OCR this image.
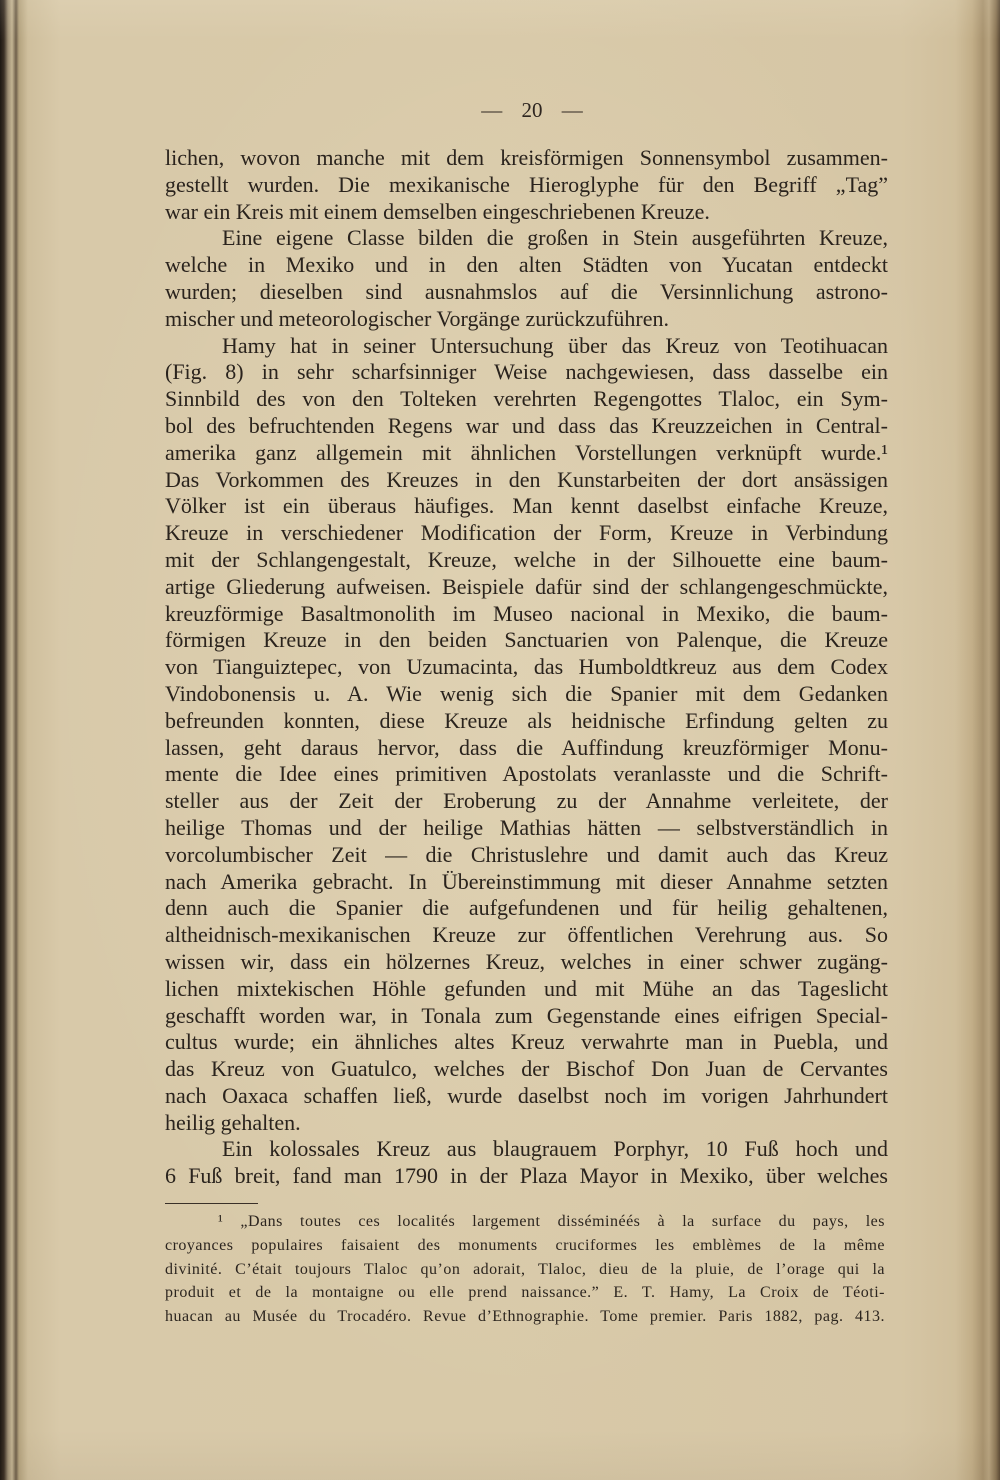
— 20 —
lichen, wovon manche mit dem kreisförmigen Sonnensymbol zusammen-
gestellt wurden. Die mexikanische Hieroglyphe für den Begriff „Tag”
war ein Kreis mit einem demselben eingeschriebenen Kreuze.
Eine eigene Classe bilden die großen in Stein ausgeführten Kreuze,
welche in Mexiko und in den alten Städten von Yucatan entdeckt
wurden; dieselben sind ausnahmslos auf die Versinnlichung astrono-
mischer und meteorologischer Vorgänge zurückzuführen.
Hamy hat in seiner Untersuchung über das Kreuz von Teotihuacan
(Fig. 8) in sehr scharfsinniger Weise nachgewiesen, dass dasselbe ein
Sinnbild des von den Tolteken verehrten Regengottes Tlaloc, ein Sym-
bol des befruchtenden Regens war und dass das Kreuzzeichen in Central-
amerika ganz allgemein mit ähnlichen Vorstellungen verknüpft wurde.¹
Das Vorkommen des Kreuzes in den Kunstarbeiten der dort ansässigen
Völker ist ein überaus häufiges. Man kennt daselbst einfache Kreuze,
Kreuze in verschiedener Modification der Form, Kreuze in Verbindung
mit der Schlangengestalt, Kreuze, welche in der Silhouette eine baum-
artige Gliederung aufweisen. Beispiele dafür sind der schlangengeschmückte,
kreuzförmige Basaltmonolith im Museo nacional in Mexiko, die baum-
förmigen Kreuze in den beiden Sanctuarien von Palenque, die Kreuze
von Tianguiztepec, von Uzumacinta, das Humboldtkreuz aus dem Codex
Vindobonensis u. A. Wie wenig sich die Spanier mit dem Gedanken
befreunden konnten, diese Kreuze als heidnische Erfindung gelten zu
lassen, geht daraus hervor, dass die Auffindung kreuzförmiger Monu-
mente die Idee eines primitiven Apostolats veranlasste und die Schrift-
steller aus der Zeit der Eroberung zu der Annahme verleitete, der
heilige Thomas und der heilige Mathias hätten — selbstverständlich in
vorcolumbischer Zeit — die Christuslehre und damit auch das Kreuz
nach Amerika gebracht. In Übereinstimmung mit dieser Annahme setzten
denn auch die Spanier die aufgefundenen und für heilig gehaltenen,
altheidnisch-mexikanischen Kreuze zur öffentlichen Verehrung aus. So
wissen wir, dass ein hölzernes Kreuz, welches in einer schwer zugäng-
lichen mixtekischen Höhle gefunden und mit Mühe an das Tageslicht
geschafft worden war, in Tonala zum Gegenstande eines eifrigen Special-
cultus wurde; ein ähnliches altes Kreuz verwahrte man in Puebla, und
das Kreuz von Guatulco, welches der Bischof Don Juan de Cervantes
nach Oaxaca schaffen ließ, wurde daselbst noch im vorigen Jahrhundert
heilig gehalten.
Ein kolossales Kreuz aus blaugrauem Porphyr, 10 Fuß hoch und
6 Fuß breit, fand man 1790 in der Plaza Mayor in Mexiko, über welches
¹ „Dans toutes ces localités largement disséminéés à la surface du pays, les
croyances populaires faisaient des monuments cruciformes les emblèmes de la même
divinité. C’était toujours Tlaloc qu’on adorait, Tlaloc, dieu de la pluie, de l’orage qui la
produit et de la montaigne ou elle prend naissance.” E. T. Hamy, La Croix de Téoti-
huacan au Musée du Trocadéro. Revue d’Ethnographie. Tome premier. Paris 1882, pag. 413.
